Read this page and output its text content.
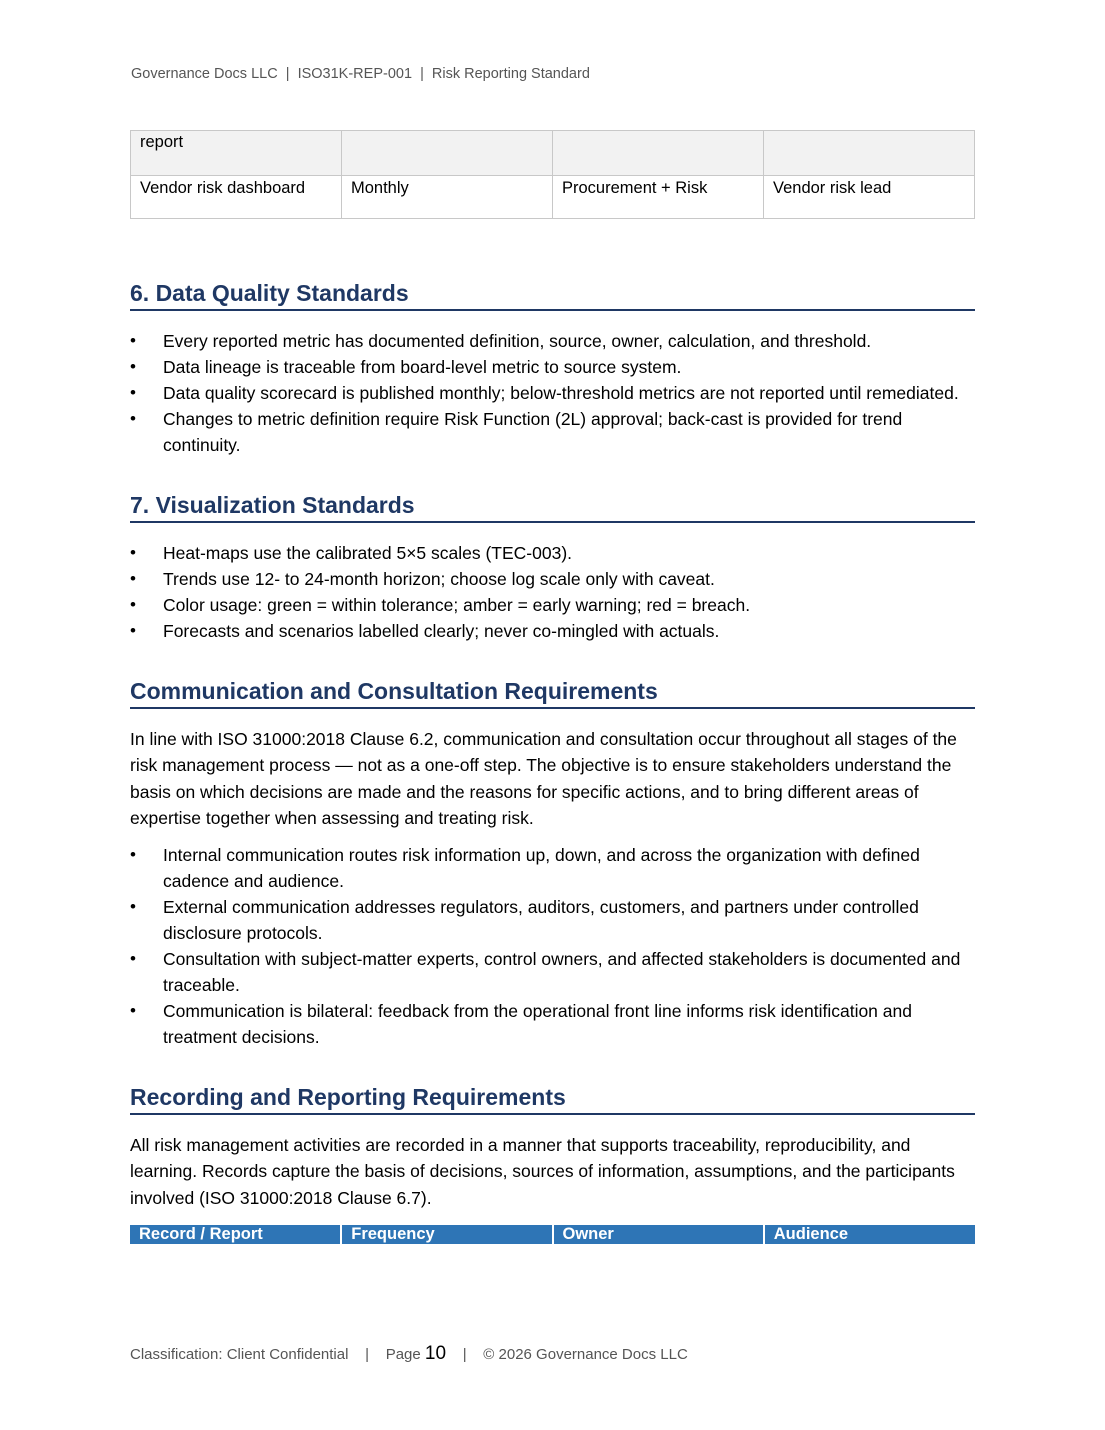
Governance Docs LLC  |  ISO31K-REP-001  |  Risk Reporting Standard
report			
Vendor risk dashboard	Monthly	Procurement + Risk	Vendor risk lead
6. Data Quality Standards
• Every reported metric has documented definition, source, owner, calculation, and threshold.
• Data lineage is traceable from board-level metric to source system.
• Data quality scorecard is published monthly; below-threshold metrics are not reported until remediated.
• Changes to metric definition require Risk Function (2L) approval; back-cast is provided for trend continuity.
7. Visualization Standards
• Heat-maps use the calibrated 5×5 scales (TEC-003).
• Trends use 12- to 24-month horizon; choose log scale only with caveat.
• Color usage: green = within tolerance; amber = early warning; red = breach.
• Forecasts and scenarios labelled clearly; never co-mingled with actuals.
Communication and Consultation Requirements

In line with ISO 31000:2018 Clause 6.2, communication and consultation occur throughout all stages of the risk management process — not as a one-off step. The objective is to ensure stakeholders understand the basis on which decisions are made and the reasons for specific actions, and to bring different areas of expertise together when assessing and treating risk.

• Internal communication routes risk information up, down, and across the organization with defined cadence and audience.
• External communication addresses regulators, auditors, customers, and partners under controlled disclosure protocols.
• Consultation with subject-matter experts, control owners, and affected stakeholders is documented and traceable.
• Communication is bilateral: feedback from the operational front line informs risk identification and treatment decisions.
Recording and Reporting Requirements

All risk management activities are recorded in a manner that supports traceability, reproducibility, and learning. Records capture the basis of decisions, sources of information, assumptions, and the participants involved (ISO 31000:2018 Clause 6.7).

Record / Report	Frequency	Owner	Audience
Classification: Client Confidential    |    Page 10    |    © 2026 Governance Docs LLC
